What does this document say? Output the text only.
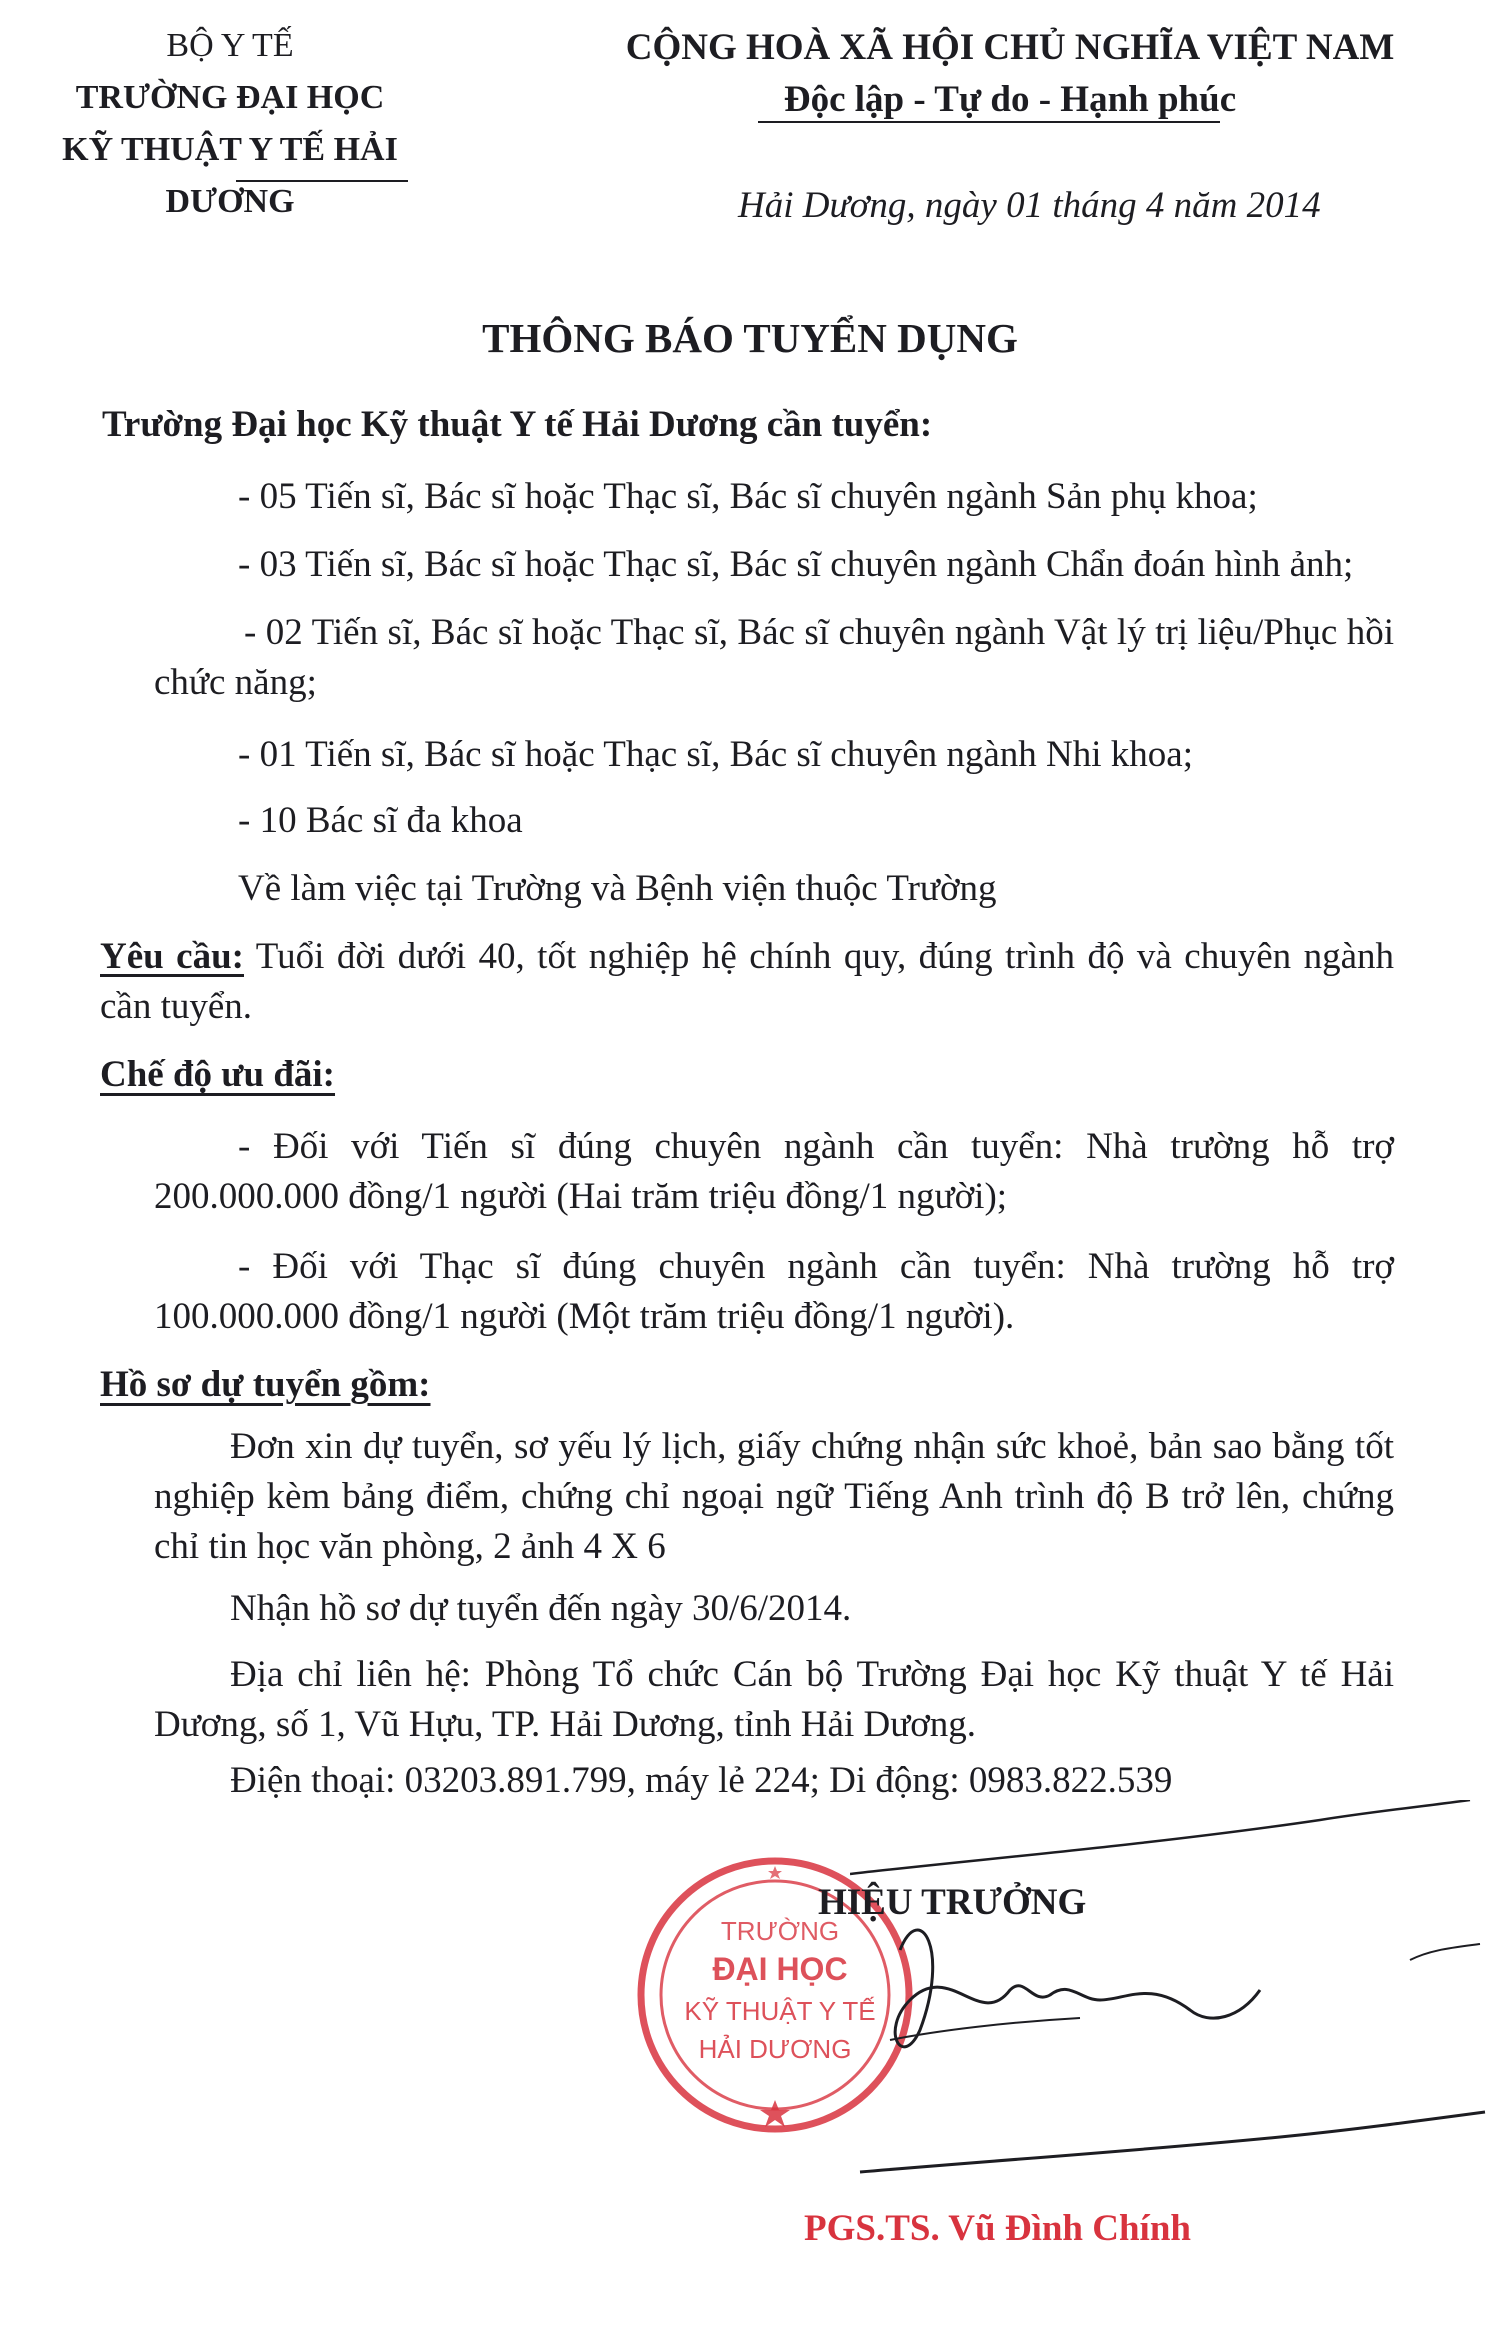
BỘ Y TẾ
TRƯỜNG ĐẠI HỌC
KỸ THUẬT Y TẾ HẢI DƯƠNG
CỘNG HOÀ XÃ HỘI CHỦ NGHĨA VIỆT NAM
Độc lập - Tự do - Hạnh phúc
Hải Dương, ngày 01 tháng 4 năm 2014
THÔNG BÁO TUYỂN DỤNG
Trường Đại học Kỹ thuật Y tế Hải Dương cần tuyển:
- 05 Tiến sĩ, Bác sĩ hoặc Thạc sĩ, Bác sĩ chuyên ngành Sản phụ khoa;
- 03 Tiến sĩ, Bác sĩ hoặc Thạc sĩ, Bác sĩ chuyên ngành Chẩn đoán hình ảnh;
- 02 Tiến sĩ, Bác sĩ hoặc Thạc sĩ, Bác sĩ chuyên ngành Vật lý trị liệu/Phục hồi chức năng;
- 01 Tiến sĩ, Bác sĩ hoặc Thạc sĩ, Bác sĩ chuyên ngành Nhi khoa;
- 10 Bác sĩ đa khoa
Về làm việc tại Trường và Bệnh viện thuộc Trường
Yêu cầu: Tuổi đời dưới 40, tốt nghiệp hệ chính quy, đúng trình độ và chuyên ngành cần tuyển.
Chế độ ưu đãi:
- Đối với Tiến sĩ đúng chuyên ngành cần tuyển: Nhà trường hỗ trợ 200.000.000 đồng/1 người (Hai trăm triệu đồng/1 người);
- Đối với Thạc sĩ đúng chuyên ngành cần tuyển: Nhà trường hỗ trợ 100.000.000 đồng/1 người (Một trăm triệu đồng/1 người).
Hồ sơ dự tuyển gồm:
Đơn xin dự tuyển, sơ yếu lý lịch, giấy chứng nhận sức khoẻ, bản sao bằng tốt nghiệp kèm bảng điểm, chứng chỉ ngoại ngữ Tiếng Anh trình độ B trở lên, chứng chỉ tin học văn phòng, 2 ảnh 4 X 6
Nhận hồ sơ dự tuyển đến ngày 30/6/2014.
Địa chỉ liên hệ: Phòng Tổ chức Cán bộ Trường Đại học Kỹ thuật Y tế Hải Dương, số 1, Vũ Hựu, TP. Hải Dương, tỉnh Hải Dương.
Điện thoại: 03203.891.799, máy lẻ 224; Di động: 0983.822.539
TRƯỜNG
ĐẠI HỌC
KỸ THUẬT Y TẾ
HẢI DƯƠNG
HIỆU TRƯỞNG
PGS.TS. Vũ Đình Chính
